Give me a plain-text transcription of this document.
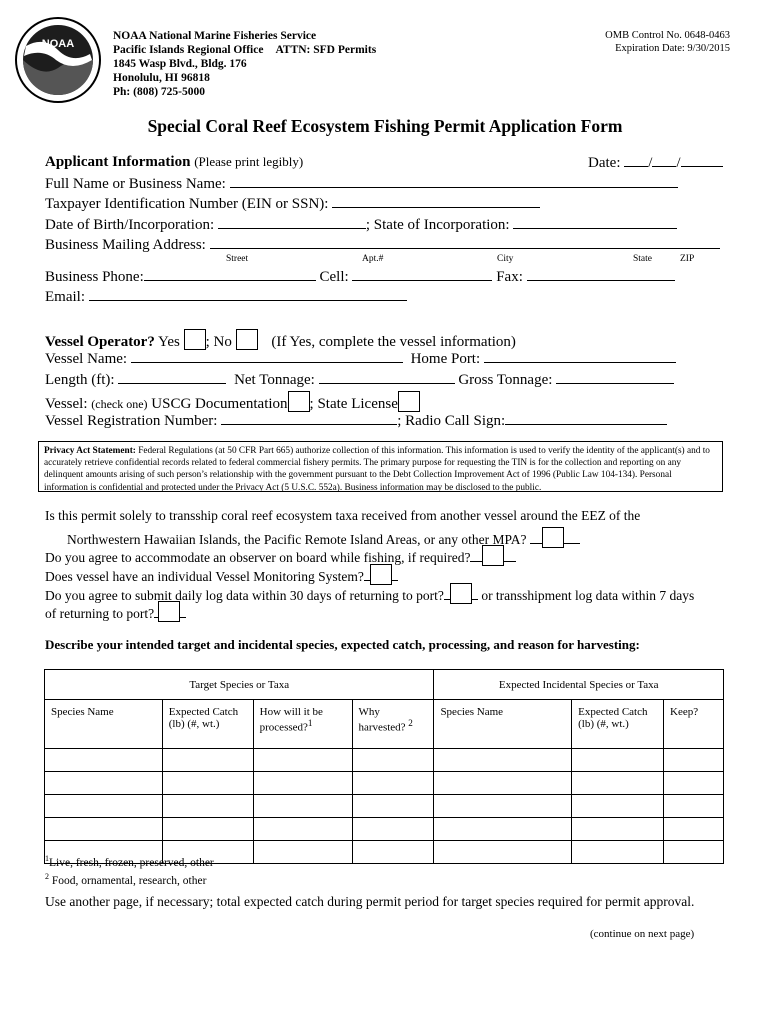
NOAA
NOAA National Marine Fisheries Service
Pacific Islands Regional Office ATTN: SFD Permits
1845 Wasp Blvd., Bldg. 176
Honolulu, HI 96818
Ph: (808) 725-5000
OMB Control No. 0648-0463
Expiration Date: 9/30/2015
Special Coral Reef Ecosystem Fishing Permit Application Form
Applicant Information (Please print legibly)	Date: / /
Full Name or Business Name:
Taxpayer Identification Number (EIN or SSN):
Date of Birth/Incorporation:	; State of Incorporation:
Business Mailing Address:
Street	Apt.#	City	State	ZIP
Business Phone:	Cell:	Fax:
Email:
Vessel Operator? Yes ; No	(If Yes, complete the vessel information)
Vessel Name:	Home Port:
Length (ft):	Net Tonnage:	Gross Tonnage:
Vessel: (check one) USCG Documentation ; State License
Vessel Registration Number:	; Radio Call Sign:
Privacy Act Statement: Federal Regulations (at 50 CFR Part 665) authorize collection of this information. This information is used to verify the identity of the applicant(s) and to accurately retrieve confidential records related to federal commercial fishery permits. The primary purpose for requesting the TIN is for the collection and reporting on any delinquent amounts arising of such person’s relationship with the government pursuant to the Debt Collection Improvement Act of 1996 (Public Law 104-134). Personal information is confidential and protected under the Privacy Act (5 U.S.C. 552a). Business information may be disclosed to the public.
Is this permit solely to transship coral reef ecosystem taxa received from another vessel around the EEZ of the
Northwestern Hawaiian Islands, the Pacific Remote Island Areas, or any other MPA?
Do you agree to accommodate an observer on board while fishing, if required?
Does vessel have an individual Vessel Monitoring System?
Do you agree to submit daily log data within 30 days of returning to port?	or transshipment log data within 7 days
of returning to port?
Describe your intended target and incidental species, expected catch, processing, and reason for harvesting:
Target Species or Taxa				Expected Incidental Species or Taxa		
Species Name	Expected Catch (lb) (#, wt.)	How will it be processed?$^1$	Why harvested? $^2$	Species Name	Expected Catch (lb) (#, wt.)	Keep?

$^1$Live, fresh, frozen, preserved, other
$^2$ Food, ornamental, research, other
Use another page, if necessary; total expected catch during permit period for target species required for permit approval.
(continue on next page)
